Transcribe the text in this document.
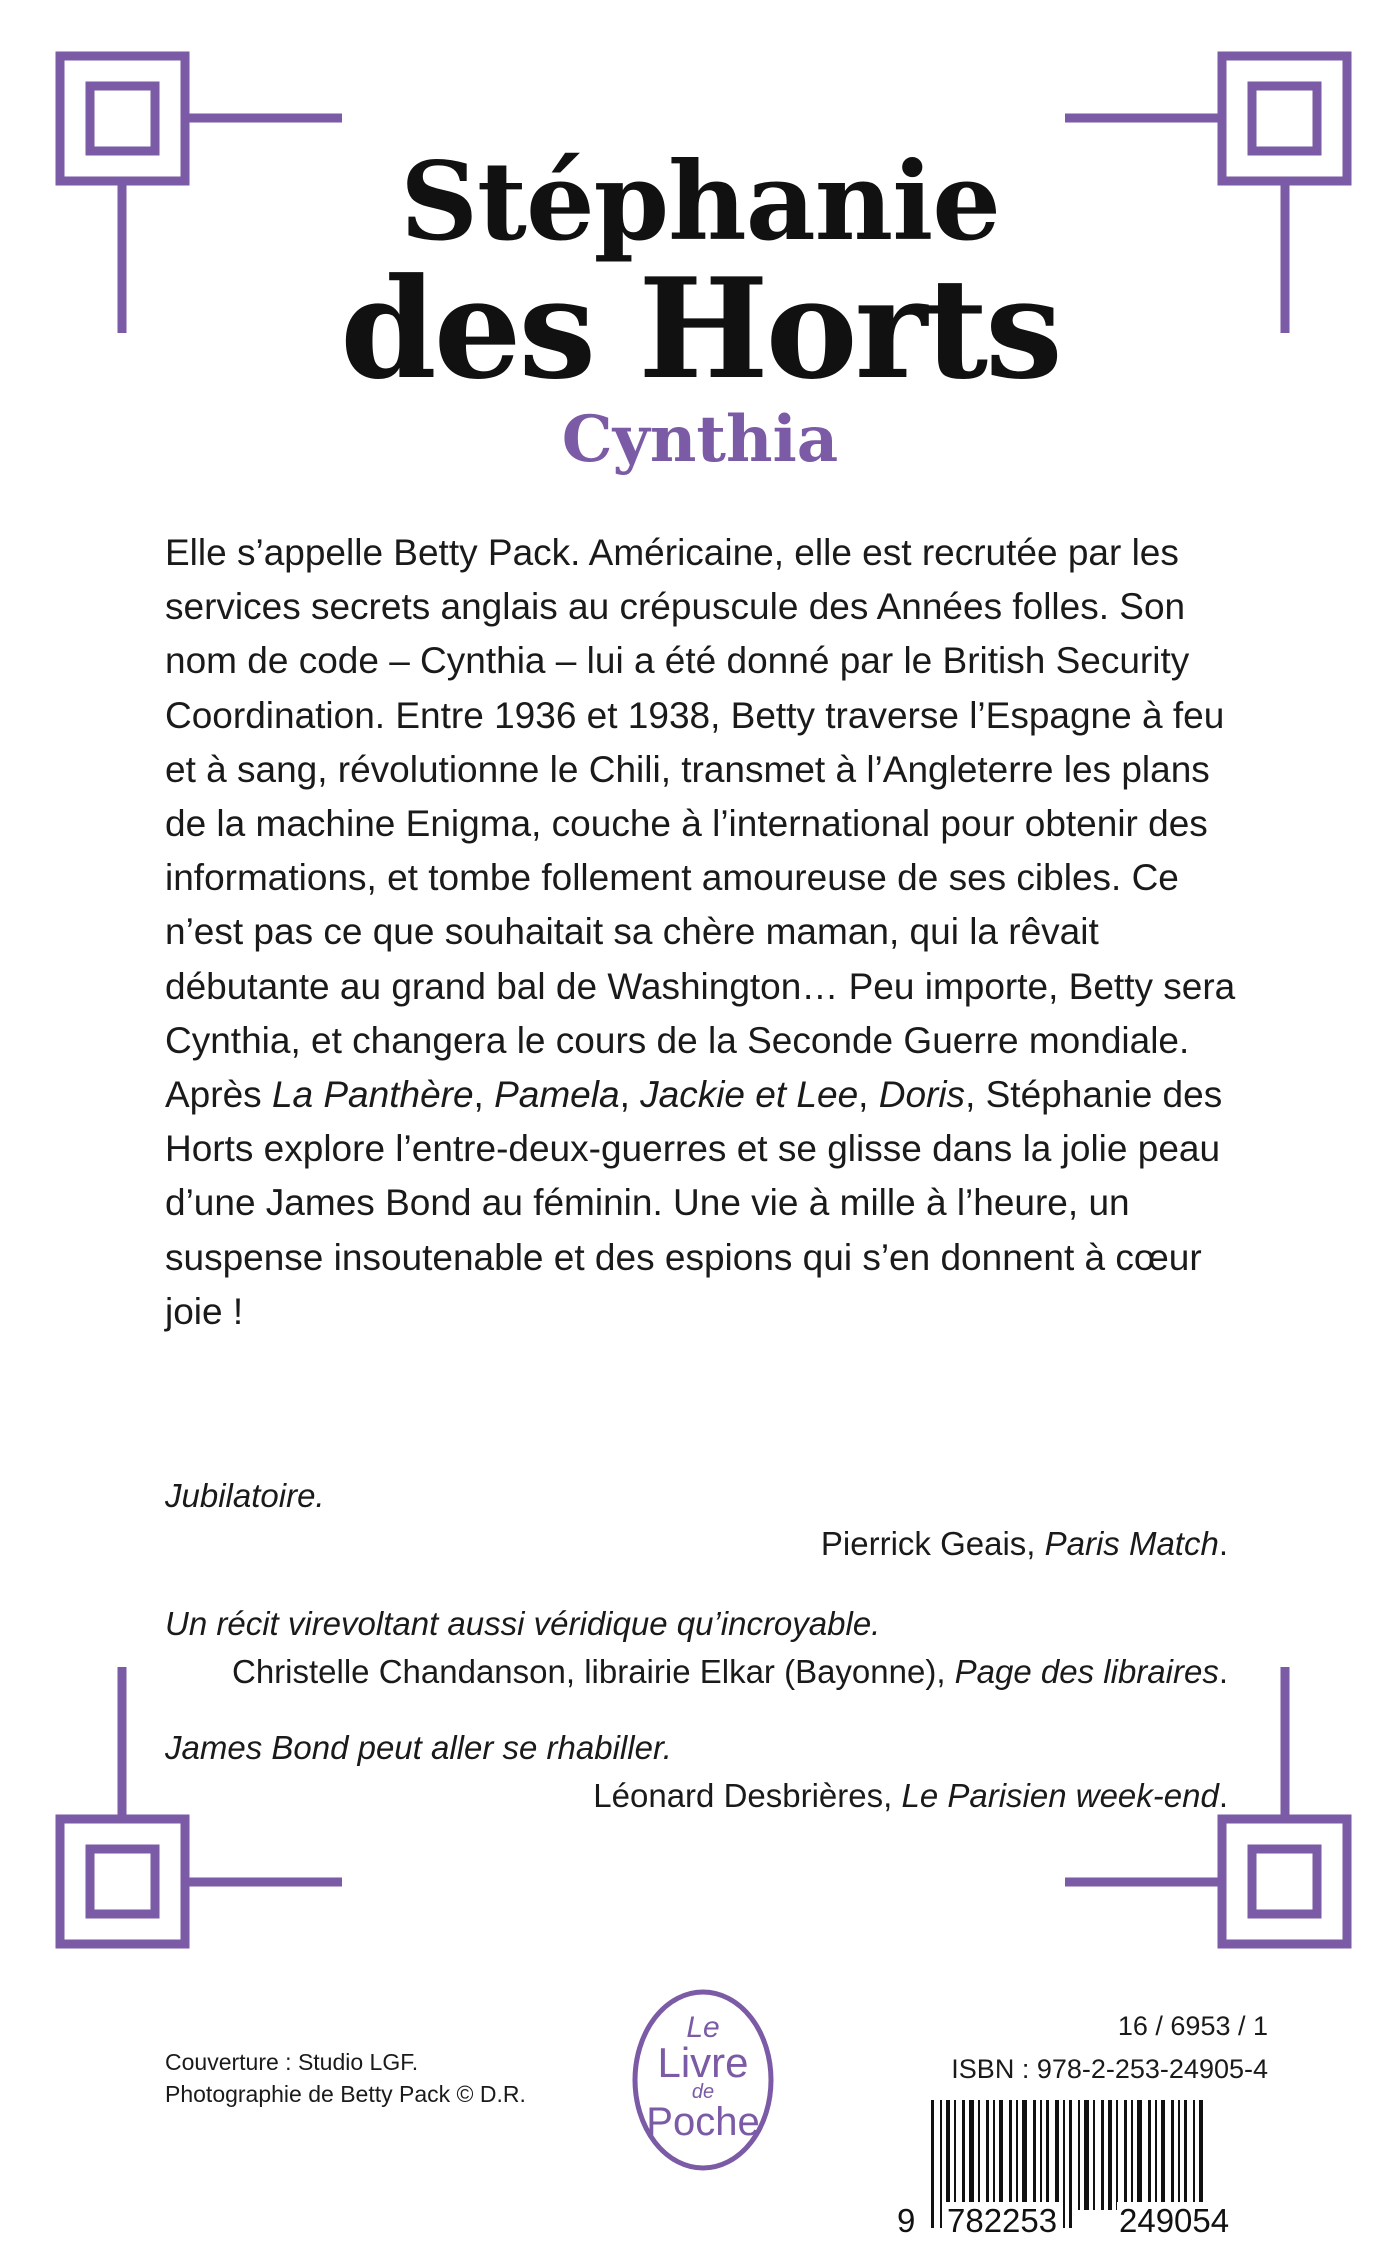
Stéphanie
des Horts
Cynthia

Elle s’appelle Betty Pack. Américaine, elle est recrutée par les services secrets anglais au crépuscule des Années folles. Son nom de code – Cynthia – lui a été donné par le British Security Coordination. Entre 1936 et 1938, Betty traverse l’Espagne à feu et à sang, révolutionne le Chili, transmet à l’Angleterre les plans de la machine Enigma, couche à l’international pour obtenir des informations, et tombe follement amoureuse de ses cibles. Ce n’est pas ce que souhaitait sa chère maman, qui la rêvait débutante au grand bal de Washington… Peu importe, Betty sera Cynthia, et changera le cours de la Seconde Guerre mondiale.

Après La Panthère, Pamela, Jackie et Lee, Doris, Stéphanie des Horts explore l’entre-deux-guerres et se glisse dans la jolie peau d’une James Bond au féminin. Une vie à mille à l’heure, un suspense insoutenable et des espions qui s’en donnent à cœur joie !

Jubilatoire.
Pierrick Geais, Paris Match.
Un récit virevoltant aussi véridique qu’incroyable.
Christelle Chandanson, librairie Elkar (Bayonne), Page des libraires.
James Bond peut aller se rhabiller.
Léonard Desbrières, Le Parisien week-end.
Couverture : Studio LGF.
Photographie de Betty Pack © D.R.
Le
Livre
de
Poche
16 / 6953 / 1
ISBN : 978-2-253-24905-4
9 782253 249054
